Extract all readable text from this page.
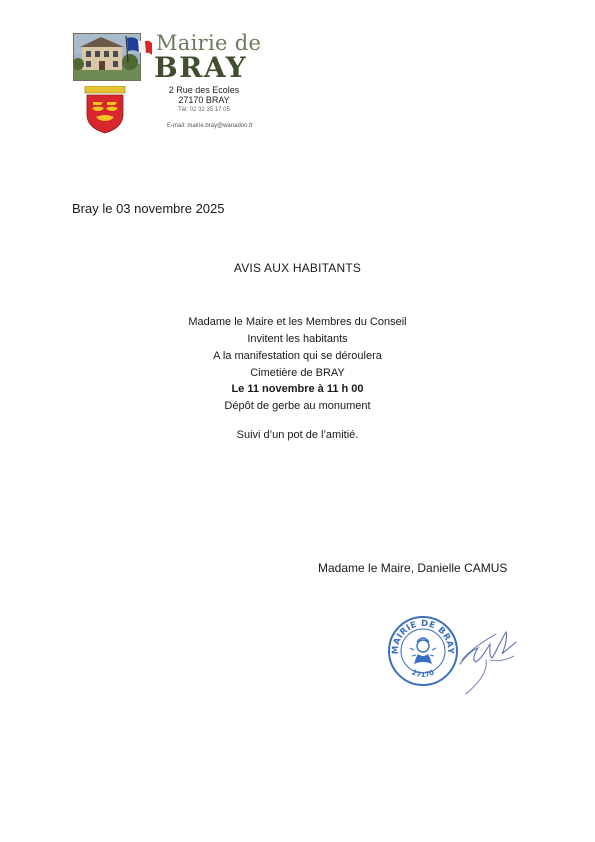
Mairie de
BRAY
2 Rue des Ecoles
27170 BRAY
Tél: 02 32 35 17 05
E-mail: mairie.bray@wanadoo.fr
Bray le 03 novembre 2025
AVIS AUX HABITANTS
Madame le Maire et les Membres du Conseil
Invitent les habitants
A la manifestation qui se déroulera
Cimetière de BRAY
Le 11 novembre à 11 h 00
Dépôt de gerbe au monument
Suivi d’un pot de l’amitié.
Madame le Maire, Danielle CAMUS
MAIRIE DE BRAY
27170
